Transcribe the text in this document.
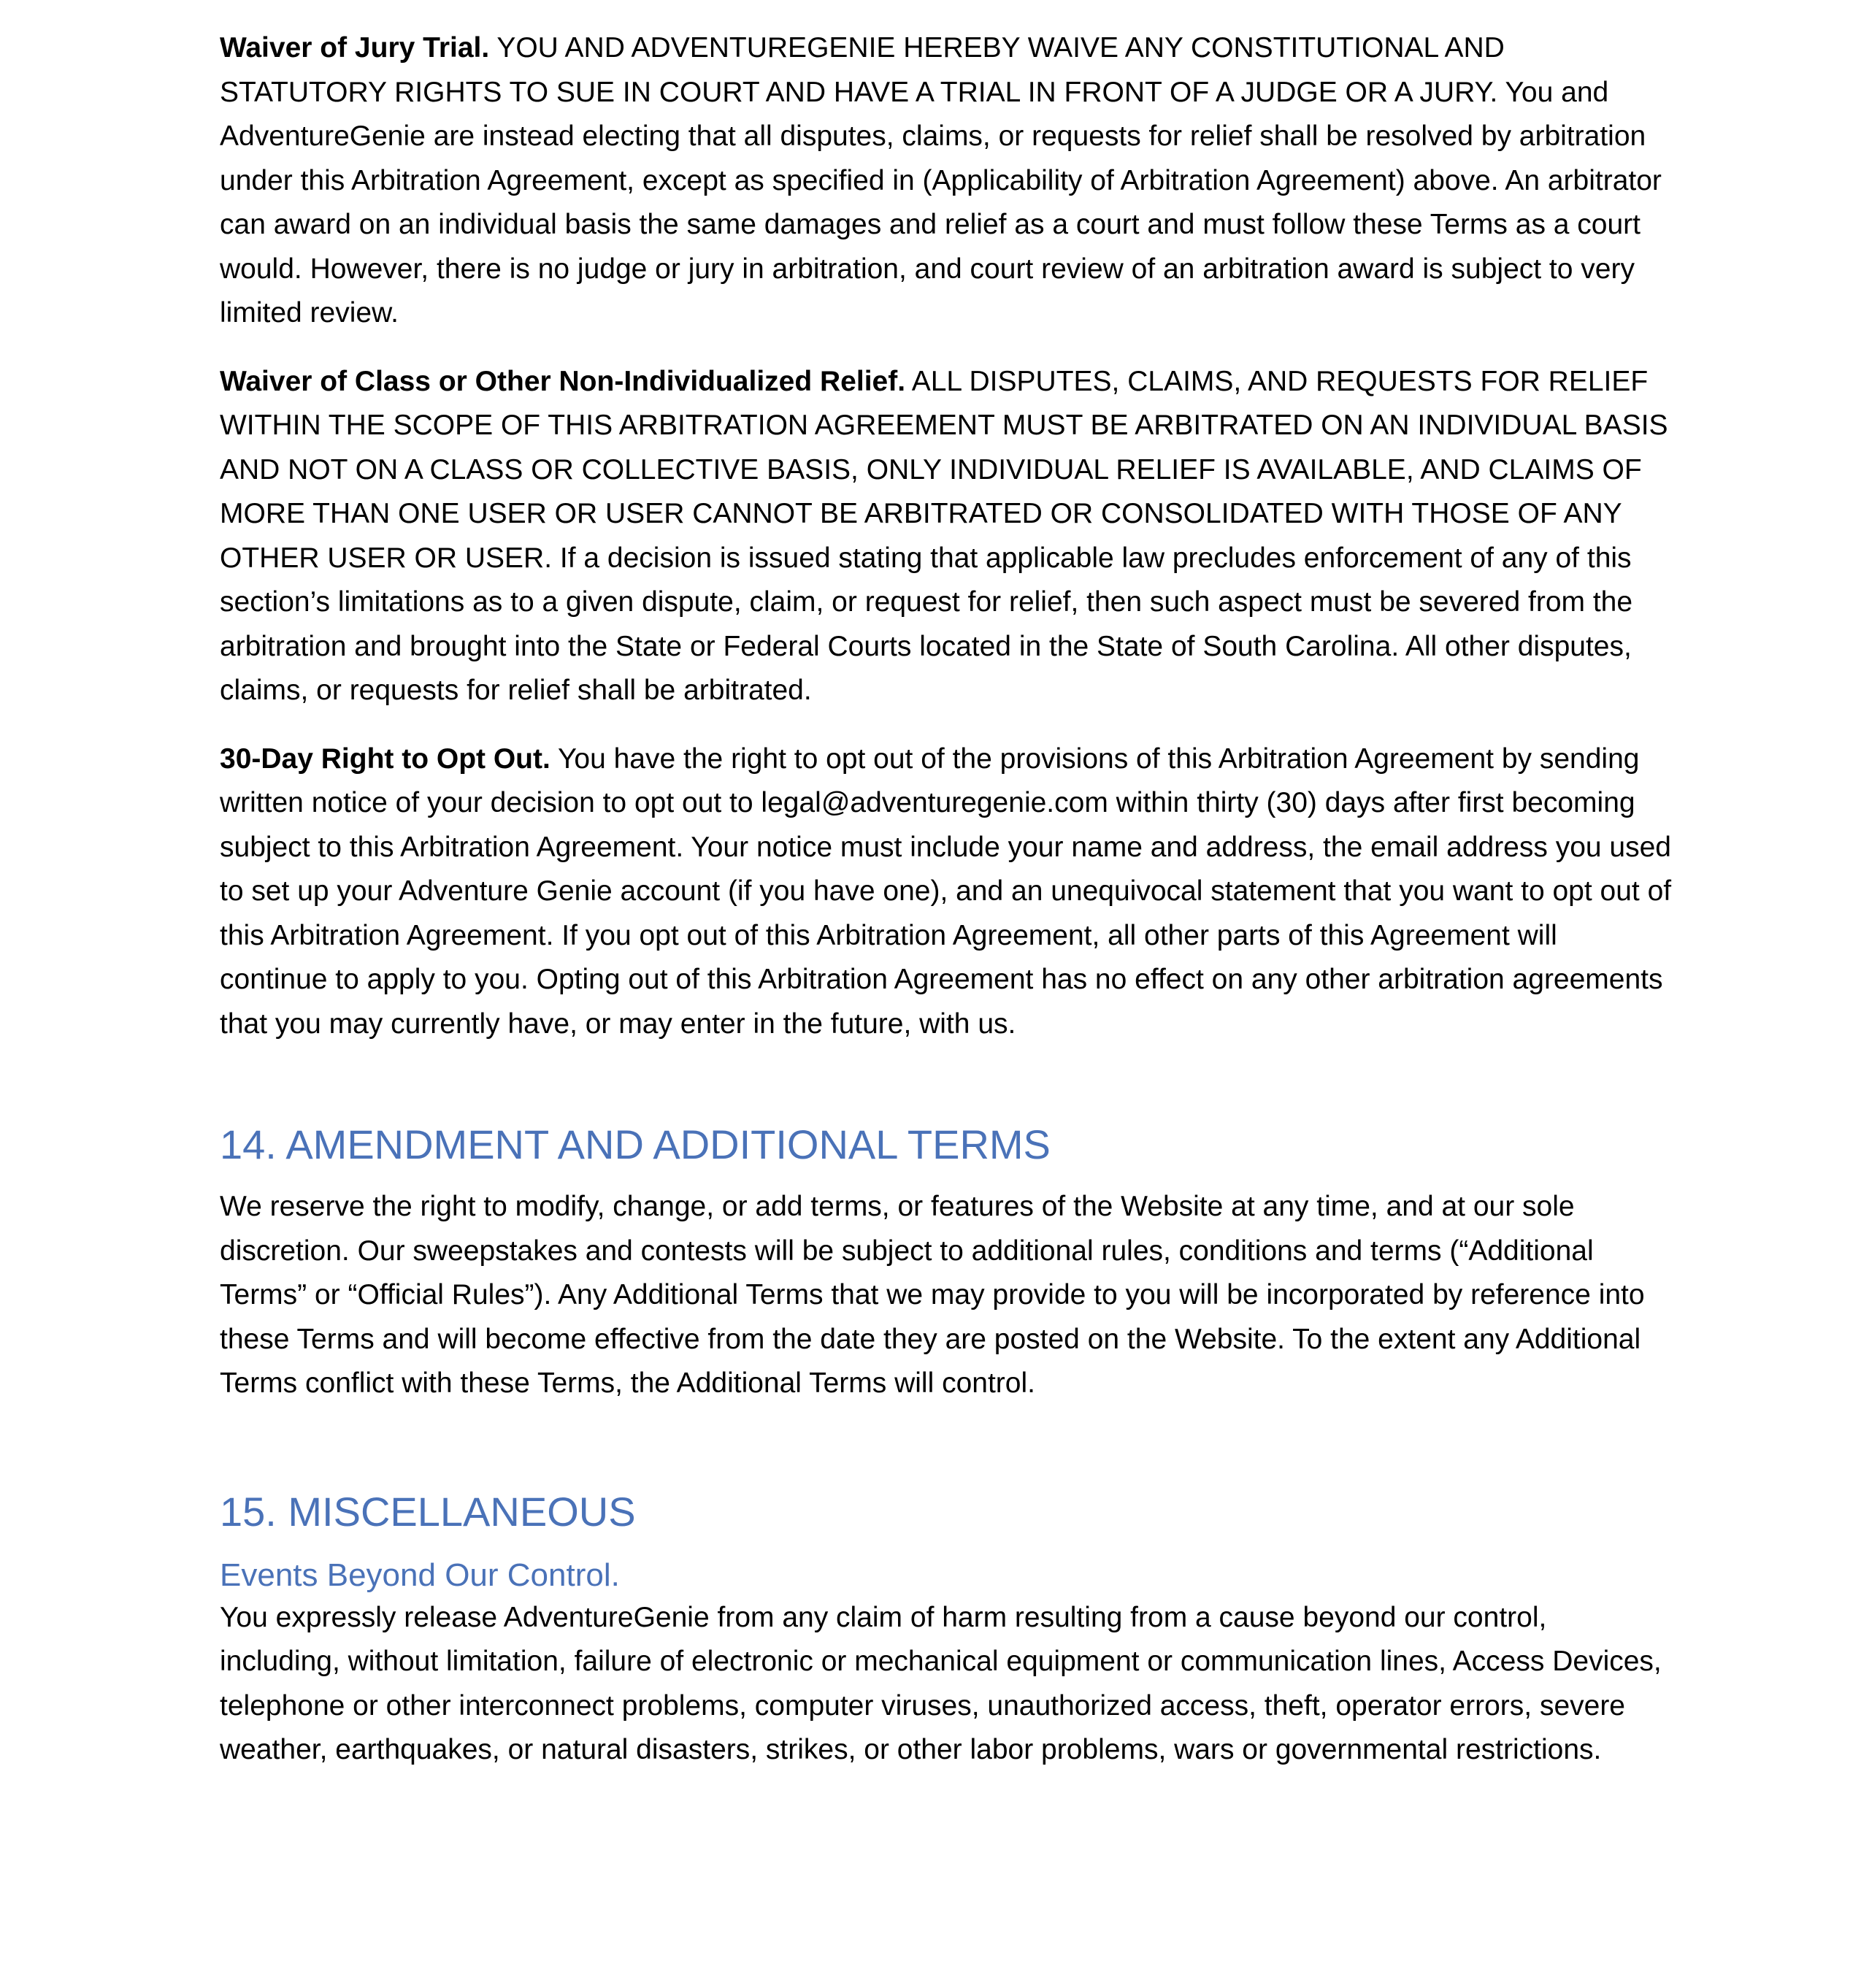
Waiver of Jury Trial. YOU AND ADVENTUREGENIE HEREBY WAIVE ANY CONSTITUTIONAL AND STATUTORY RIGHTS TO SUE IN COURT AND HAVE A TRIAL IN FRONT OF A JUDGE OR A JURY. You and AdventureGenie are instead electing that all disputes, claims, or requests for relief shall be resolved by arbitration under this Arbitration Agreement, except as specified in (Applicability of Arbitration Agreement) above. An arbitrator can award on an individual basis the same damages and relief as a court and must follow these Terms as a court would. However, there is no judge or jury in arbitration, and court review of an arbitration award is subject to very limited review.

Waiver of Class or Other Non-Individualized Relief. ALL DISPUTES, CLAIMS, AND REQUESTS FOR RELIEF WITHIN THE SCOPE OF THIS ARBITRATION AGREEMENT MUST BE ARBITRATED ON AN INDIVIDUAL BASIS AND NOT ON A CLASS OR COLLECTIVE BASIS, ONLY INDIVIDUAL RELIEF IS AVAILABLE, AND CLAIMS OF MORE THAN ONE USER OR USER CANNOT BE ARBITRATED OR CONSOLIDATED WITH THOSE OF ANY OTHER USER OR USER. If a decision is issued stating that applicable law precludes enforcement of any of this section’s limitations as to a given dispute, claim, or request for relief, then such aspect must be severed from the arbitration and brought into the State or Federal Courts located in the State of South Carolina. All other disputes, claims, or requests for relief shall be arbitrated.

30-Day Right to Opt Out. You have the right to opt out of the provisions of this Arbitration Agreement by sending written notice of your decision to opt out to legal@adventuregenie.com within thirty (30) days after first becoming subject to this Arbitration Agreement. Your notice must include your name and address, the email address you used to set up your Adventure Genie account (if you have one), and an unequivocal statement that you want to opt out of this Arbitration Agreement. If you opt out of this Arbitration Agreement, all other parts of this Agreement will continue to apply to you. Opting out of this Arbitration Agreement has no effect on any other arbitration agreements that you may currently have, or may enter in the future, with us.

14. AMENDMENT AND ADDITIONAL TERMS

We reserve the right to modify, change, or add terms, or features of the Website at any time, and at our sole discretion. Our sweepstakes and contests will be subject to additional rules, conditions and terms (“Additional Terms” or “Official Rules”). Any Additional Terms that we may provide to you will be incorporated by reference into these Terms and will become effective from the date they are posted on the Website. To the extent any Additional Terms conflict with these Terms, the Additional Terms will control.

15. MISCELLANEOUS
Events Beyond Our Control.

You expressly release AdventureGenie from any claim of harm resulting from a cause beyond our control, including, without limitation, failure of electronic or mechanical equipment or communication lines, Access Devices, telephone or other interconnect problems, computer viruses, unauthorized access, theft, operator errors, severe weather, earthquakes, or natural disasters, strikes, or other labor problems, wars or governmental restrictions.
